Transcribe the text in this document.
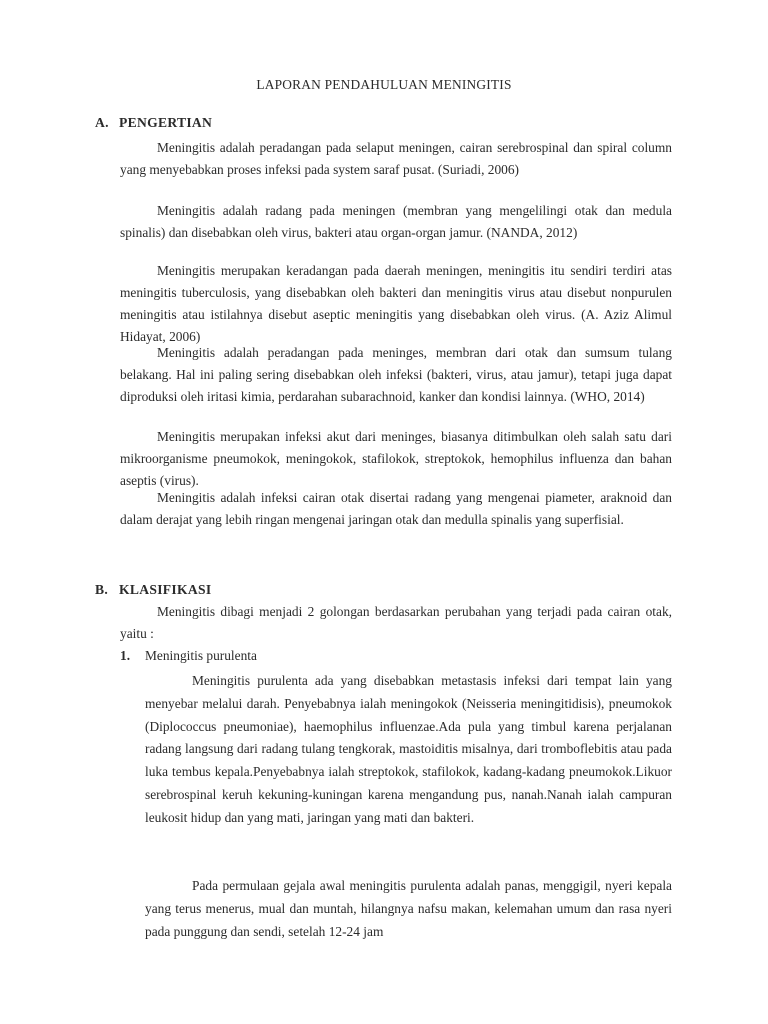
LAPORAN PENDAHULUAN MENINGITIS
A. PENGERTIAN

Meningitis adalah peradangan pada selaput meningen, cairan serebrospinal dan spiral column yang menyebabkan proses infeksi pada system saraf pusat. (Suriadi, 2006)

Meningitis adalah radang pada meningen (membran yang mengelilingi otak dan medula spinalis) dan disebabkan oleh virus, bakteri atau organ-organ jamur. (NANDA, 2012)

Meningitis merupakan keradangan pada daerah meningen, meningitis itu sendiri terdiri atas meningitis tuberculosis, yang disebabkan oleh bakteri dan meningitis virus atau disebut nonpurulen meningitis atau istilahnya disebut aseptic meningitis yang disebabkan oleh virus. (A. Aziz Alimul Hidayat, 2006)

Meningitis adalah peradangan pada meninges, membran dari otak dan sumsum tulang belakang. Hal ini paling sering disebabkan oleh infeksi (bakteri, virus, atau jamur), tetapi juga dapat diproduksi oleh iritasi kimia, perdarahan subarachnoid, kanker dan kondisi lainnya. (WHO, 2014)

Meningitis merupakan infeksi akut dari meninges, biasanya ditimbulkan oleh salah satu dari mikroorganisme pneumokok, meningokok, stafilokok, streptokok, hemophilus influenza dan bahan aseptis (virus).

Meningitis adalah infeksi cairan otak disertai radang yang mengenai piameter, araknoid dan dalam derajat yang lebih ringan mengenai jaringan otak dan medulla spinalis yang superfisial.

B. KLASIFIKASI

Meningitis dibagi menjadi 2 golongan berdasarkan perubahan yang terjadi pada cairan otak, yaitu :

1. Meningitis purulenta

Meningitis purulenta ada yang disebabkan metastasis infeksi dari tempat lain yang menyebar melalui darah. Penyebabnya ialah meningokok (Neisseria meningitidisis), pneumokok (Diplococcus pneumoniae), haemophilus influenzae.Ada pula yang timbul karena perjalanan radang langsung dari radang tulang tengkorak, mastoiditis misalnya, dari tromboflebitis atau pada luka tembus kepala.Penyebabnya ialah streptokok, stafilokok, kadang-kadang pneumokok.Likuor serebrospinal keruh kekuning-kuningan karena mengandung pus, nanah.Nanah ialah campuran leukosit hidup dan yang mati, jaringan yang mati dan bakteri.

Pada permulaan gejala awal meningitis purulenta adalah panas, menggigil, nyeri kepala yang terus menerus, mual dan muntah, hilangnya nafsu makan, kelemahan umum dan rasa nyeri pada punggung dan sendi, setelah 12-24 jam
